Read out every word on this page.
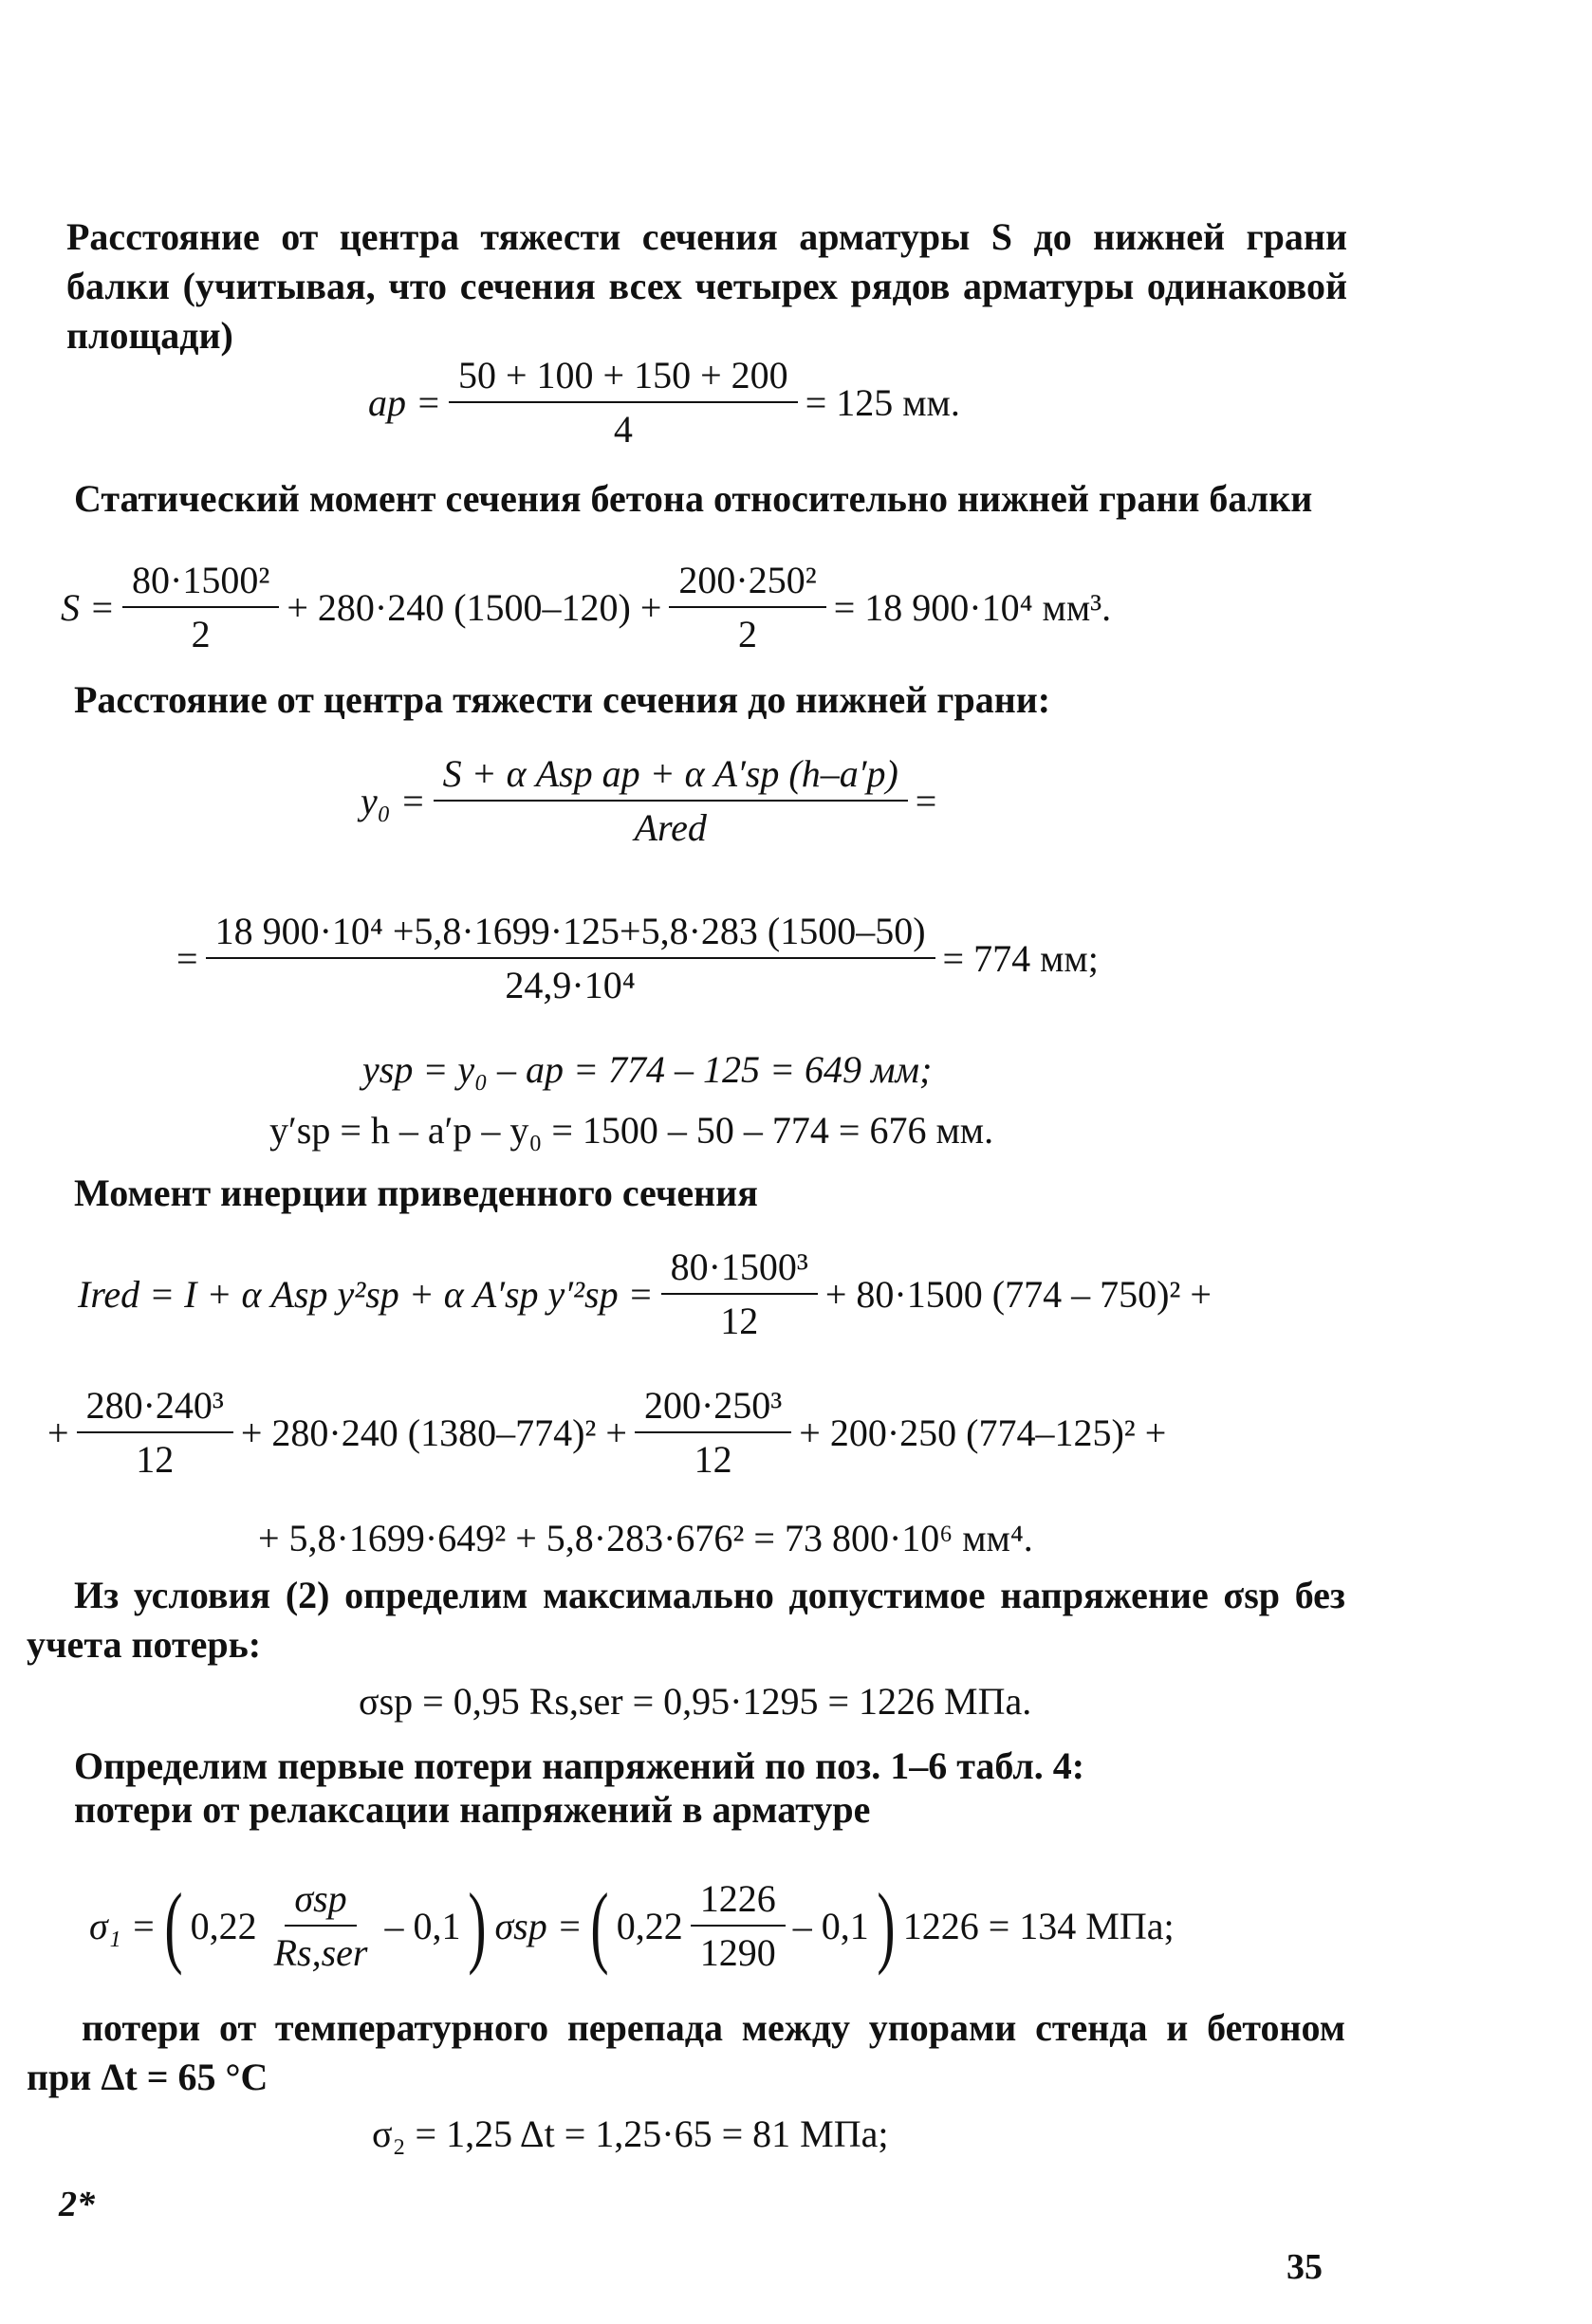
Расстояние от центра тяжести сечения арматуры S до нижней грани балки (учитывая, что сечения всех четырех рядов арматуры одинаковой площади)
ap = $\frac{50 + 100 + 150 + 200}{4} = 125$ мм.
Статический момент сечения бетона относительно нижней грани балки
$S = \frac{\text{80·1500²}}{2} + 280\cdot 240$ $(1500-120) + \frac{\text{200·250²}}{2} = 18$ 900·10⁴ мм³.
Расстояние от центра тяжести сечения до нижней грани:
$y_0 = \frac{\text{S + α Asp ap + α A′sp (h–a′p)}}{\text{Ared}}$ =
= $\frac{\text{18 900·10⁴ +5,8·1699·125+5,8·283 (1500–50)}}{\text{24,9·10⁴}} = 774$ мм;
ysp = y₀ – ap = 774 – 125 = 649 мм;
y′sp = h – a′p – y₀ = 1500 – 50 – 774 = 676 мм.
Момент инерции приведенного сечения
Ired = I + α Asp y²sp + α A′sp $y'^2sp = \frac{\text{80·1500³}}{12} + 80\cdot 1500$ (774 – 750)² +
+ $\frac{\text{280·240³}}{12} + 280\cdot 240$ $(1380-774)^2 + \frac{\text{200·250³}}{12} + 200\cdot 250$ (774–125)² +
+ 5,8·1699·649² + 5,8·283·676² = 73 800·10⁶ мм⁴.
Из условия (2) определим максимально допустимое напряжение σsp без учета потерь:
σsp = 0,95 Rs,ser = 0,95·1295 = 1226 МПа.
Определим первые потери напряжений по поз. 1–6 табл. 4:
потери от релаксации напряжений в арматуре
σ₁ = ( $0,22 \frac{\text{σsp}}{\text{Rs,ser}} - 0,1$ ) σsp = ( $0,22 \frac{1226}{1290} - 0,1$ ) 1226 = 134 МПа;
потери от температурного перепада между упорами стенда и бетоном при Δt = 65 °C
σ₂ = 1,25 Δt = 1,25·65 = 81 МПа;
2*
35
